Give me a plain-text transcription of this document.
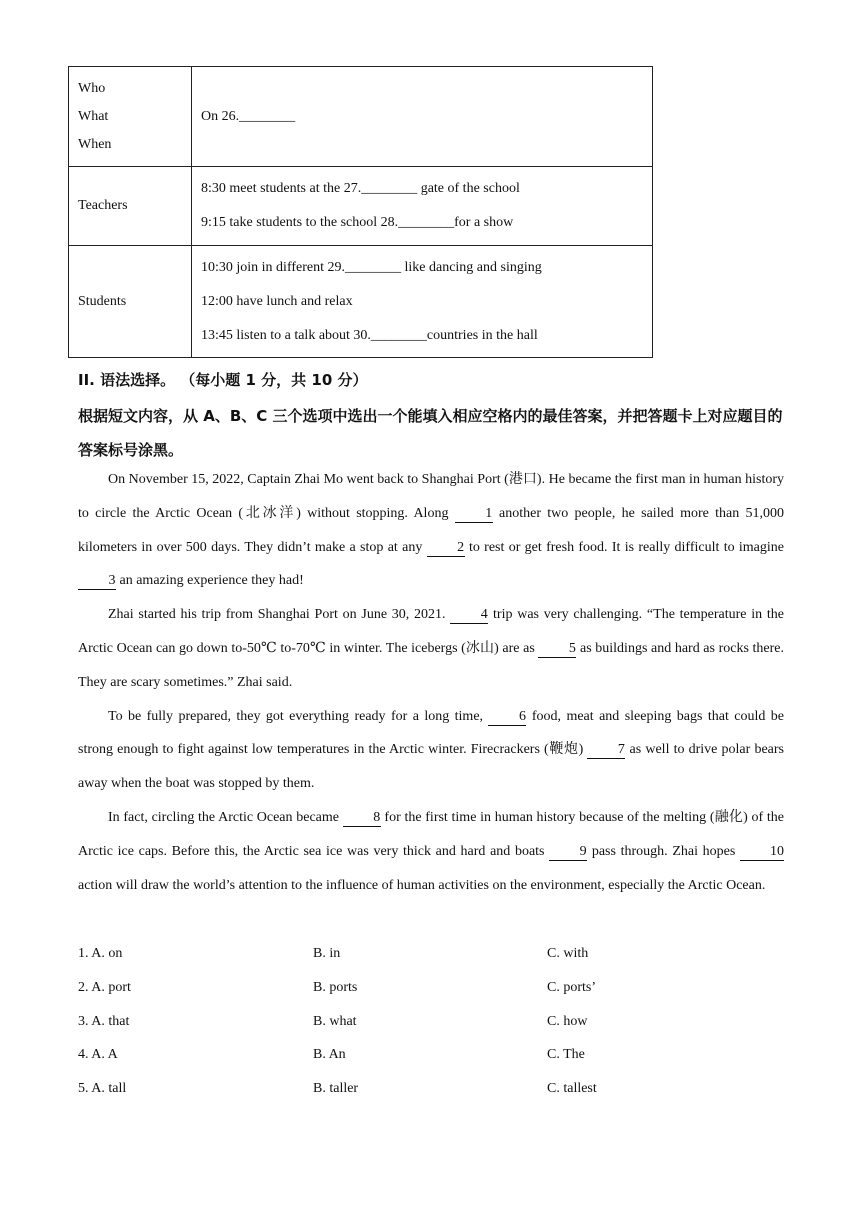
Who
What
When	On 26.________

Teachers	8:30 meet students at the 27.________ gate of the school
9:15 take students to the school 28.________for a show

Students	10:30 join in different 29.________ like dancing and singing
12:00 have lunch and relax
13:45 listen to a talk about 30.________countries in the hall
II. 语法选择。 （每小题 1 分，共 10 分）
根据短文内容，从 A、B、C 三个选项中选出一个能填入相应空格内的最佳答案，并把答题卡上对应题目的答案标号涂黑。

On November 15, 2022, Captain Zhai Mo went back to Shanghai Port (港口). He became the first man in human history to circle the Arctic Ocean (北冰洋) without stopping. Along 1 another two people, he sailed more than 51,000 kilometers in over 500 days. They didn’t make a stop at any 2 to rest or get fresh food. It is really difficult to imagine 3 an amazing experience they had!

Zhai started his trip from Shanghai Port on June 30, 2021. 4 trip was very challenging. “The temperature in the Arctic Ocean can go down to-50℃ to-70℃ in winter. The icebergs (冰山) are as 5 as buildings and hard as rocks there. They are scary sometimes.” Zhai said.

To be fully prepared, they got everything ready for a long time, 6 food, meat and sleeping bags that could be strong enough to fight against low temperatures in the Arctic winter. Firecrackers (鞭炮) 7 as well to drive polar bears away when the boat was stopped by them.

In fact, circling the Arctic Ocean became 8 for the first time in human history because of the melting (融化) of the Arctic ice caps. Before this, the Arctic sea ice was very thick and hard and boats 9 pass through. Zhai hopes 10 action will draw the world’s attention to the influence of human activities on the environment, especially the Arctic Ocean.

1. A. on	B. in	C. with
2. A. port	B. ports	C. ports’
3. A. that	B. what	C. how
4. A. A	B. An	C. The
5. A. tall	B. taller	C. tallest
